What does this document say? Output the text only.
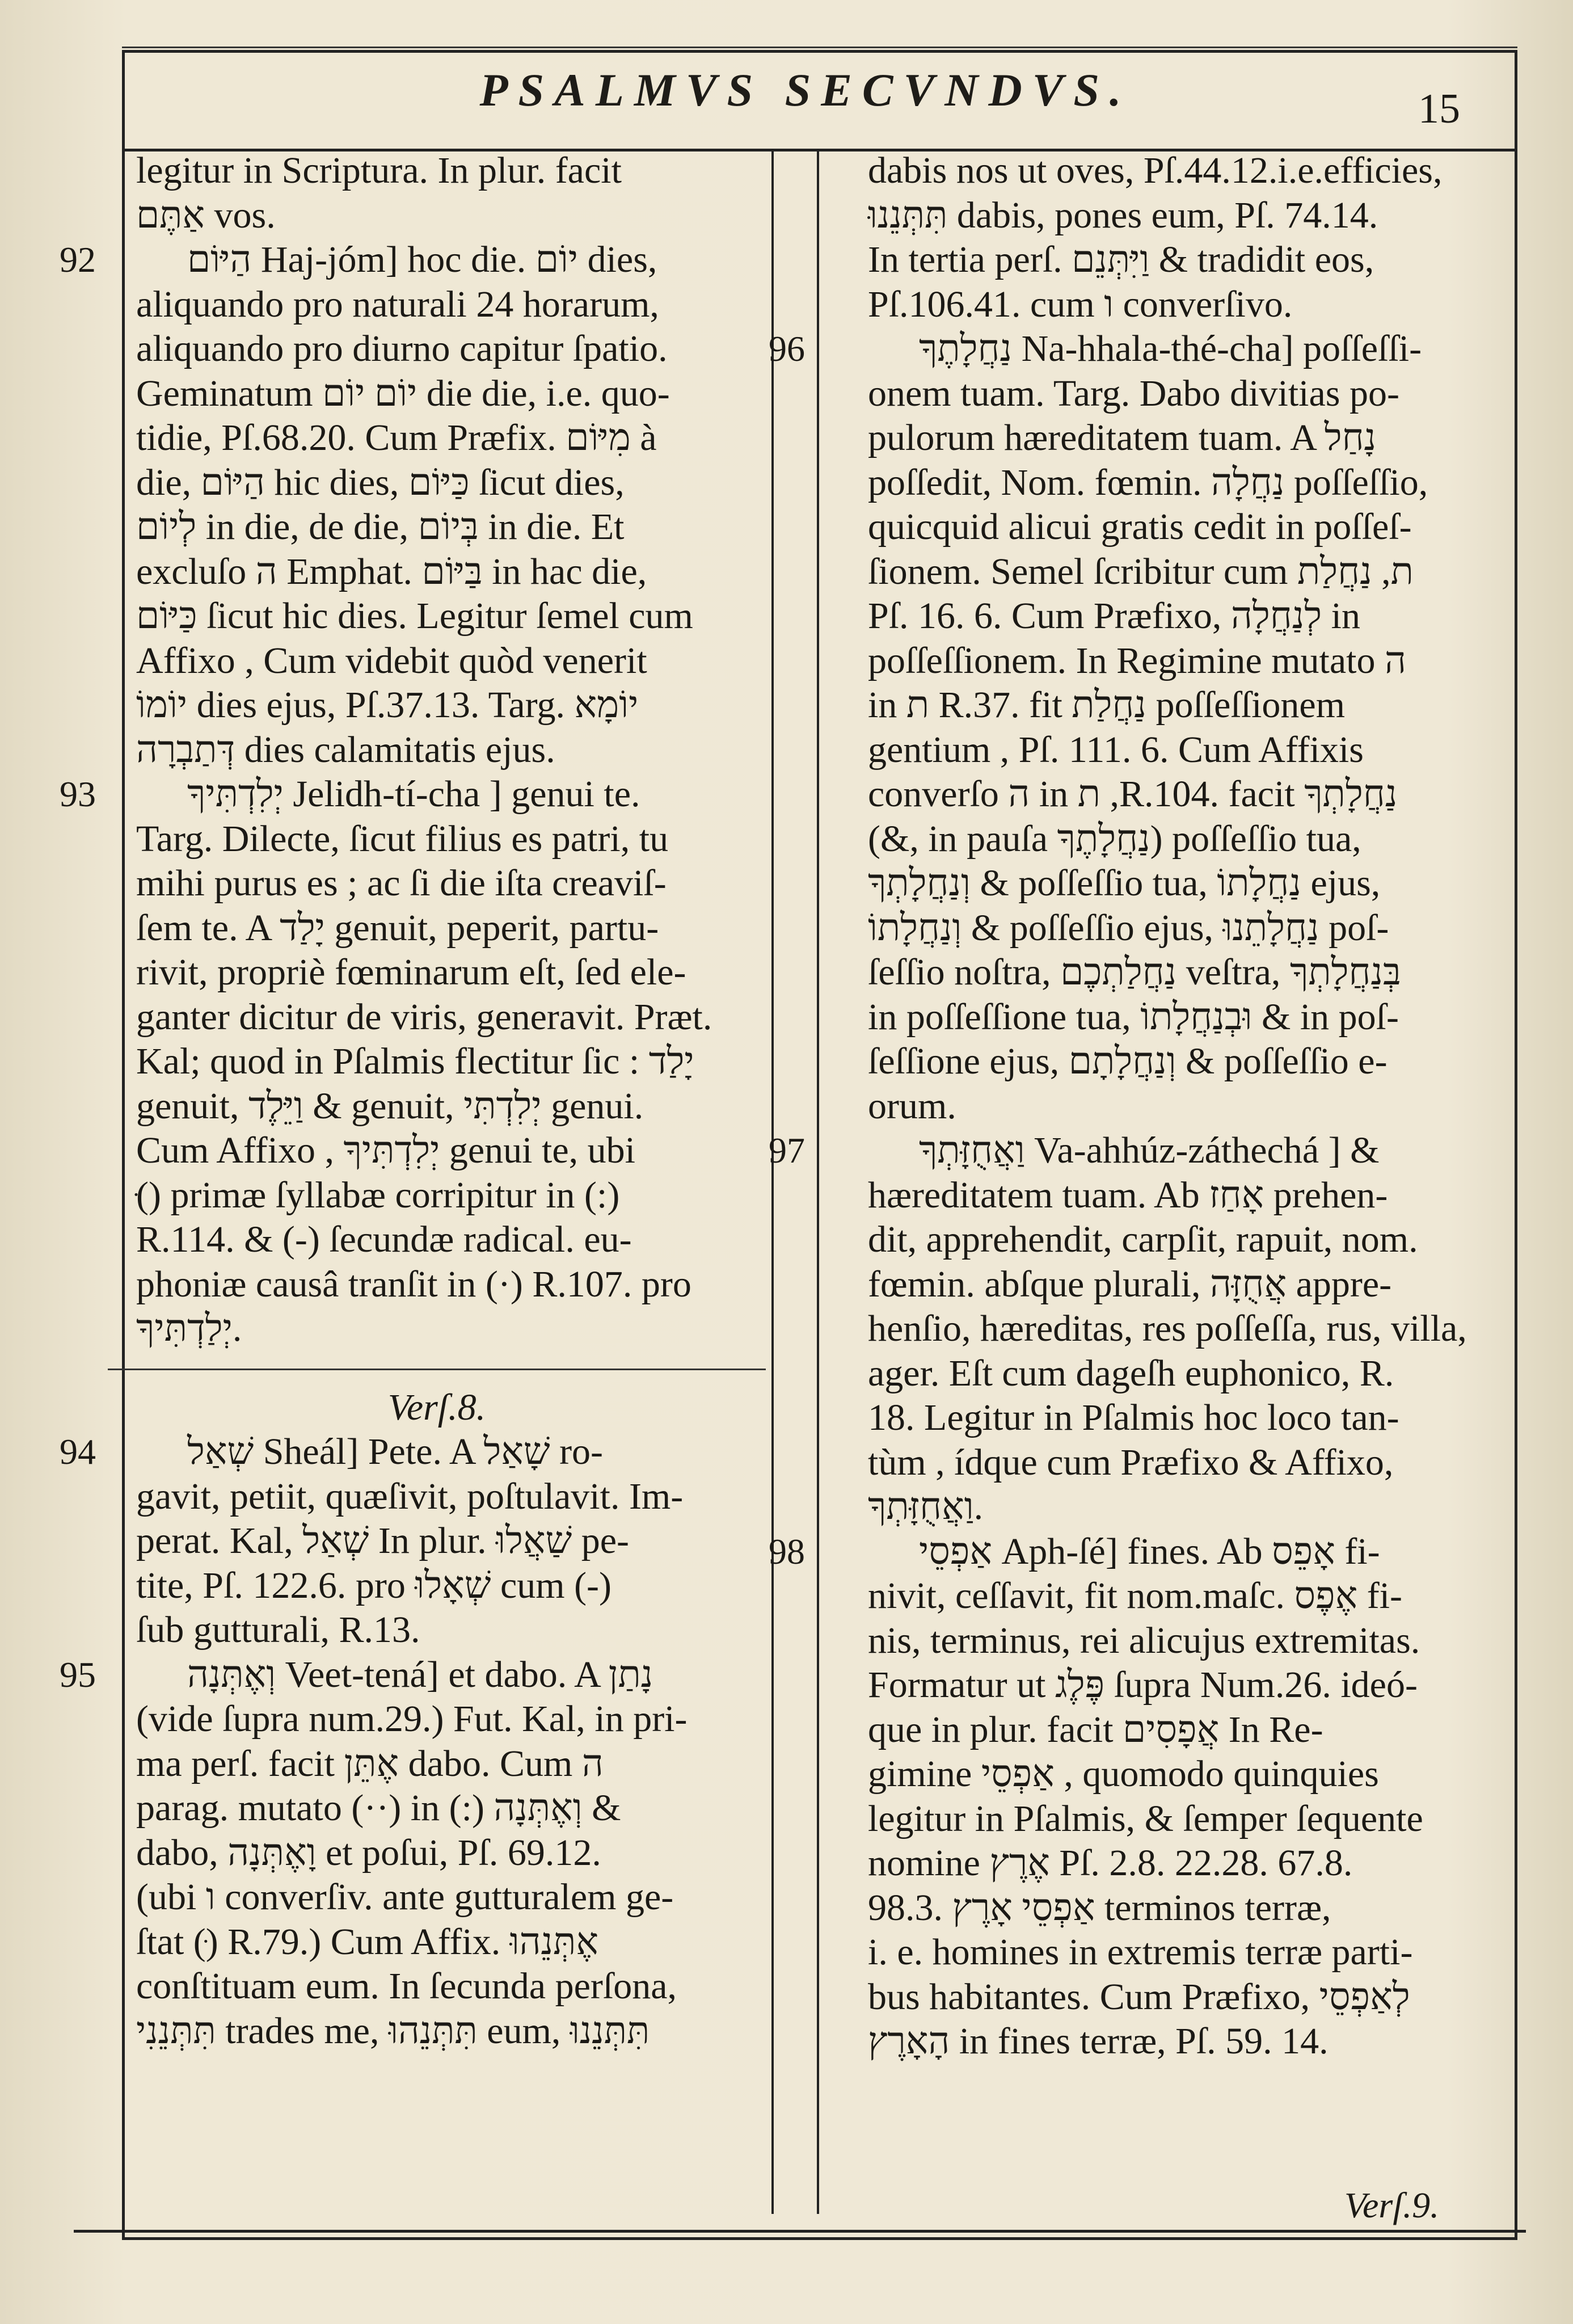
PSALMVS SECVNDVS.	15
legitur in Scriptura. In plur. facit
אַתֶּם vos.
92 הַיּוֹם Haj-jóm] hoc die. יוֹם dies,
aliquando pro naturali 24 horarum,
aliquando pro diurno capitur ſpatio.
Geminatum יוֹם יוֹם die die, i.e. quo-
tidie, Pſ.68.20. Cum Præfix. מִיּוֹם à
die, הַיּוֹם hic dies, כַּיּוֹם ſicut dies,
לְיוֹם in die, de die, בְּיוֹם in die. Et
excluſo ה Emphat. בַּיּוֹם in hac die,
כַּיּוֹם ſicut hic dies. Legitur ſemel cum
Affixo , Cum videbit quòd venerit
יוֹמוֹ dies ejus, Pſ.37.13. Targ. יוֹמָא
דְּתַבְרָה dies calamitatis ejus.
93 יְלִדְתִּיךָ Jelidh-tí-cha ] genui te.
Targ. Dilecte, ſicut filius es patri, tu
mihi purus es ; ac ſi die iſta creaviſ-
ſem te. A יָלַד genuit, peperit, partu-
rivit, propriè fœminarum eſt, ſed ele-
ganter dicitur de viris, generavit. Præt.
Kal; quod in Pſalmis flectitur ſic : יָלַד
genuit, וַיֵּלֶד & genuit, יְלִדְתִּי genui.
Cum Affixo , יְלִדְתִּיךָ genui te, ubi
(ּ) primæ ſyllabæ corripitur in (:)
R.114. & (-) ſecundæ radical. eu-
phoniæ causâ tranſit in (·) R.107. pro
יְלַדְתִּיךָ.
Verſ.8.
94 שְׁאַל Sheál] Pete. A שָׁאַל ro-
gavit, petiit, quæſivit, poſtulavit. Im-
perat. Kal, שְׁאַל In plur. שַׁאֲלוּ pe-
tite, Pſ. 122.6. pro שְׁאָלוּ cum (-)
ſub gutturali, R.13.
95 וְאֶתְּנָה Veet-tená] et dabo. A נָתַן
(vide ſupra num.29.) Fut. Kal, in pri-
ma perſ. facit אֶתֵּן dabo. Cum ה
parag. mutato (··) in (:) וְאֶתְּנָה &
dabo, וָאֶתְּנָה et poſui, Pſ. 69.12.
(ubi ו converſiv. ante gutturalem ge-
ſtat (ּ) R.79.) Cum Affix. אֶתְּנֵהוּ
conſtituam eum. In ſecunda perſona,
תִּתְּנֵנִי trades me, תִּתְּנֵהוּ eum, תִּתְּנֵנוּ
dabis nos ut oves, Pſ.44.12.i.e.efficies,
תִּתְּנֵנוּ dabis, pones eum, Pſ. 74.14.
In tertia perſ. וַיִּתְּנֵם & tradidit eos,
Pſ.106.41. cum ו converſivo.
96	נַחֲלָתֶךָ Na-hhala-thé-cha] poſſeſſi-
onem tuam. Targ. Dabo divitias po-
pulorum hæreditatem tuam. A נָחַל
poſſedit, Nom. fœmin. נַחֲלָה poſſeſſio,
quicquid alicui gratis cedit in poſſeſ-
ſionem. Semel ſcribitur cum ת, נַחֲלַת
Pſ. 16. 6. Cum Præfixo, לְנַחֲלָה in
poſſeſſionem. In Regimine mutato ה
in ת R.37. fit נַחֲלַת poſſeſſionem
gentium , Pſ. 111. 6. Cum Affixis
converſo ה in ת ,R.104. facit נַחֲלָתְךָ
(&, in pauſa נַחֲלָתֶךָ) poſſeſſio tua,
וְנַחֲלָתְךָ & poſſeſſio tua, נַחֲלָתוֹ ejus,
וְנַחֲלָתוֹ & poſſeſſio ejus, נַחֲלָתֵנוּ poſ-
ſeſſio noſtra, נַחֲלַתְכֶם veſtra, בְּנַחֲלָתְךָ
in poſſeſſione tua, וּבְנַחֲלָתוֹ & in poſ-
ſeſſione ejus, וְנַחֲלָתָם & poſſeſſio e-
orum.
97	וַאֲחֻזָּתְךָ Va-ahhúz-záthechá ] &
hæreditatem tuam. Ab אָחַז prehen-
dit, apprehendit, carpſit, rapuit, nom.
fœmin. abſque plurali, אֲחֻזָּה appre-
henſio, hæreditas, res poſſeſſa, rus, villa,
ager. Eſt cum dageſh euphonico, R.
18. Legitur in Pſalmis hoc loco tan-
tùm , ídque cum Præfixo & Affixo,
וַאֲחֻזָּתְךָ.
98	אַפְסֵי Aph-ſé] fines. Ab אָפֵס fi-
nivit, ceſſavit, fit nom.maſc. אֶפֶס fi-
nis, terminus, rei alicujus extremitas.
Formatur ut פֶּלֶג ſupra Num.26. ideó-
que in plur. facit אֲפָסִים In Re-
gimine אַפְסֵי , quomodo quinquies
legitur in Pſalmis, & ſemper ſequente
nomine אֶרֶץ Pſ. 2.8. 22.28. 67.8.
98.3. אַפְסֵי אָרֶץ terminos terræ,
i. e. homines in extremis terræ parti-
bus habitantes. Cum Præfixo, לְאַפְסֵי
הָאָרֶץ in fines terræ, Pſ. 59. 14.
Verſ.9.
